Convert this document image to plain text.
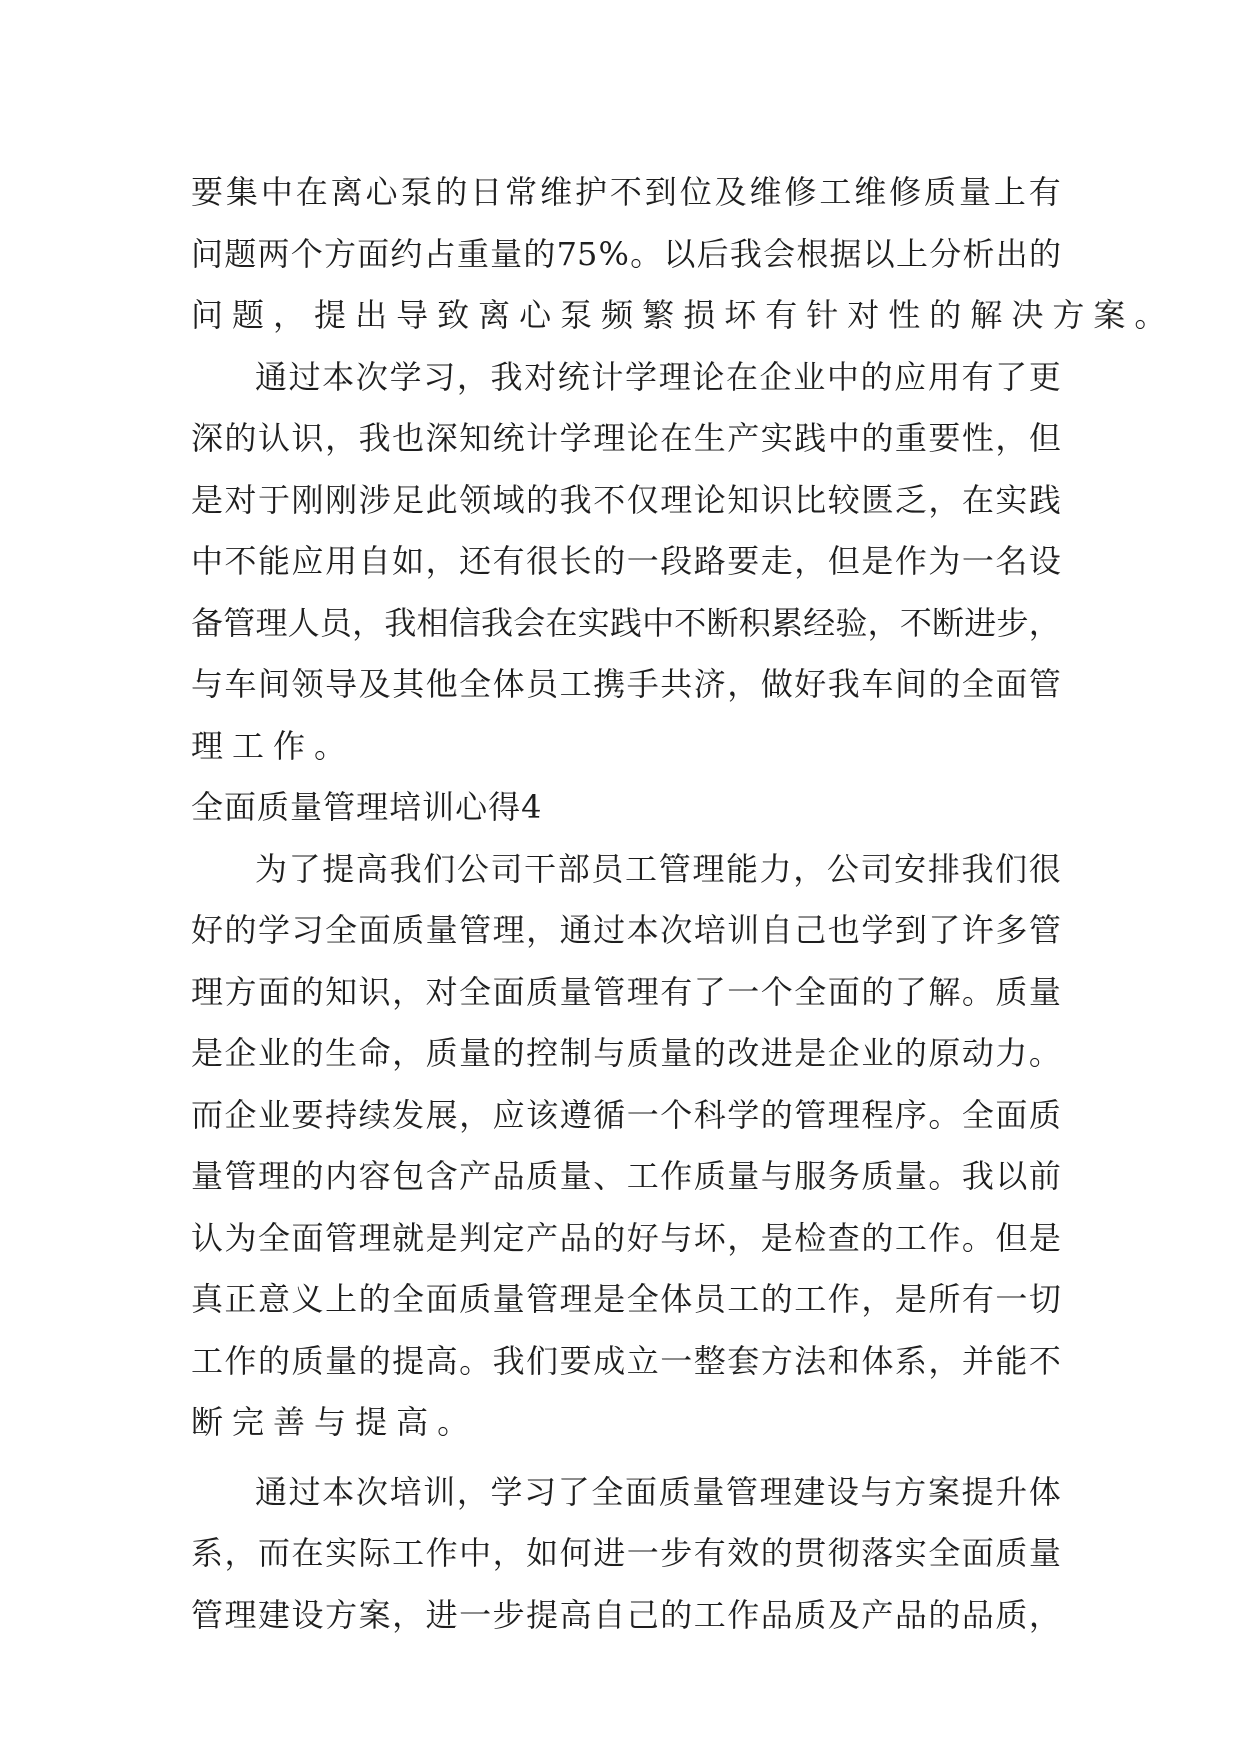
要 集 中 在 离 心 泵 的 日 常 维 护 不 到 位 及 维 修 工 维 修 质 量 上 有
问 题 两 个 方 面 约 占 重 量 的 75 % 。 以 后 我 会 根 据 以 上 分 析 出 的
问 题 ， 提 出 导 致 离 心 泵 频 繁 损 坏 有 针 对 性 的 解 决 方 案 。
通 过 本 次 学 习 ， 我 对 统 计 学 理 论 在 企 业 中 的 应 用 有 了 更
深 的 认 识 ， 我 也 深 知 统 计 学 理 论 在 生 产 实 践 中 的 重 要 性 ， 但
是 对 于 刚 刚 涉 足 此 领 域 的 我 不 仅 理 论 知 识 比 较 匮 乏 ， 在 实 践
中 不 能 应 用 自 如 ， 还 有 很 长 的 一 段 路 要 走 ， 但 是 作 为 一 名 设
备 管 理 人 员 ， 我 相 信 我 会 在 实 践 中 不 断 积 累 经 验 ， 不 断 进 步 ，
与 车 间 领 导 及 其 他 全 体 员 工 携 手 共 济 ， 做 好 我 车 间 的 全 面 管
理 工 作 。
全 面 质 量 管 理 培 训 心 得 4
为 了 提 高 我 们 公 司 干 部 员 工 管 理 能 力 ， 公 司 安 排 我 们 很
好 的 学 习 全 面 质 量 管 理 ， 通 过 本 次 培 训 自 己 也 学 到 了 许 多 管
理 方 面 的 知 识 ， 对 全 面 质 量 管 理 有 了 一 个 全 面 的 了 解 。 质 量
是 企 业 的 生 命 ， 质 量 的 控 制 与 质 量 的 改 进 是 企 业 的 原 动 力 。
而 企 业 要 持 续 发 展 ， 应 该 遵 循 一 个 科 学 的 管 理 程 序 。 全 面 质
量 管 理 的 内 容 包 含 产 品 质 量 、 工 作 质 量 与 服 务 质 量 。 我 以 前
认 为 全 面 管 理 就 是 判 定 产 品 的 好 与 坏 ， 是 检 查 的 工 作 。 但 是
真 正 意 义 上 的 全 面 质 量 管 理 是 全 体 员 工 的 工 作 ， 是 所 有 一 切
工 作 的 质 量 的 提 高 。 我 们 要 成 立 一 整 套 方 法 和 体 系 ， 并 能 不
断 完 善 与 提 高 。
通 过 本 次 培 训 ， 学 习 了 全 面 质 量 管 理 建 设 与 方 案 提 升 体
系 ， 而 在 实 际 工 作 中 ， 如 何 进 一 步 有 效 的 贯 彻 落 实 全 面 质 量
管 理 建 设 方 案 ， 进 一 步 提 高 自 己 的 工 作 品 质 及 产 品 的 品 质 ，
